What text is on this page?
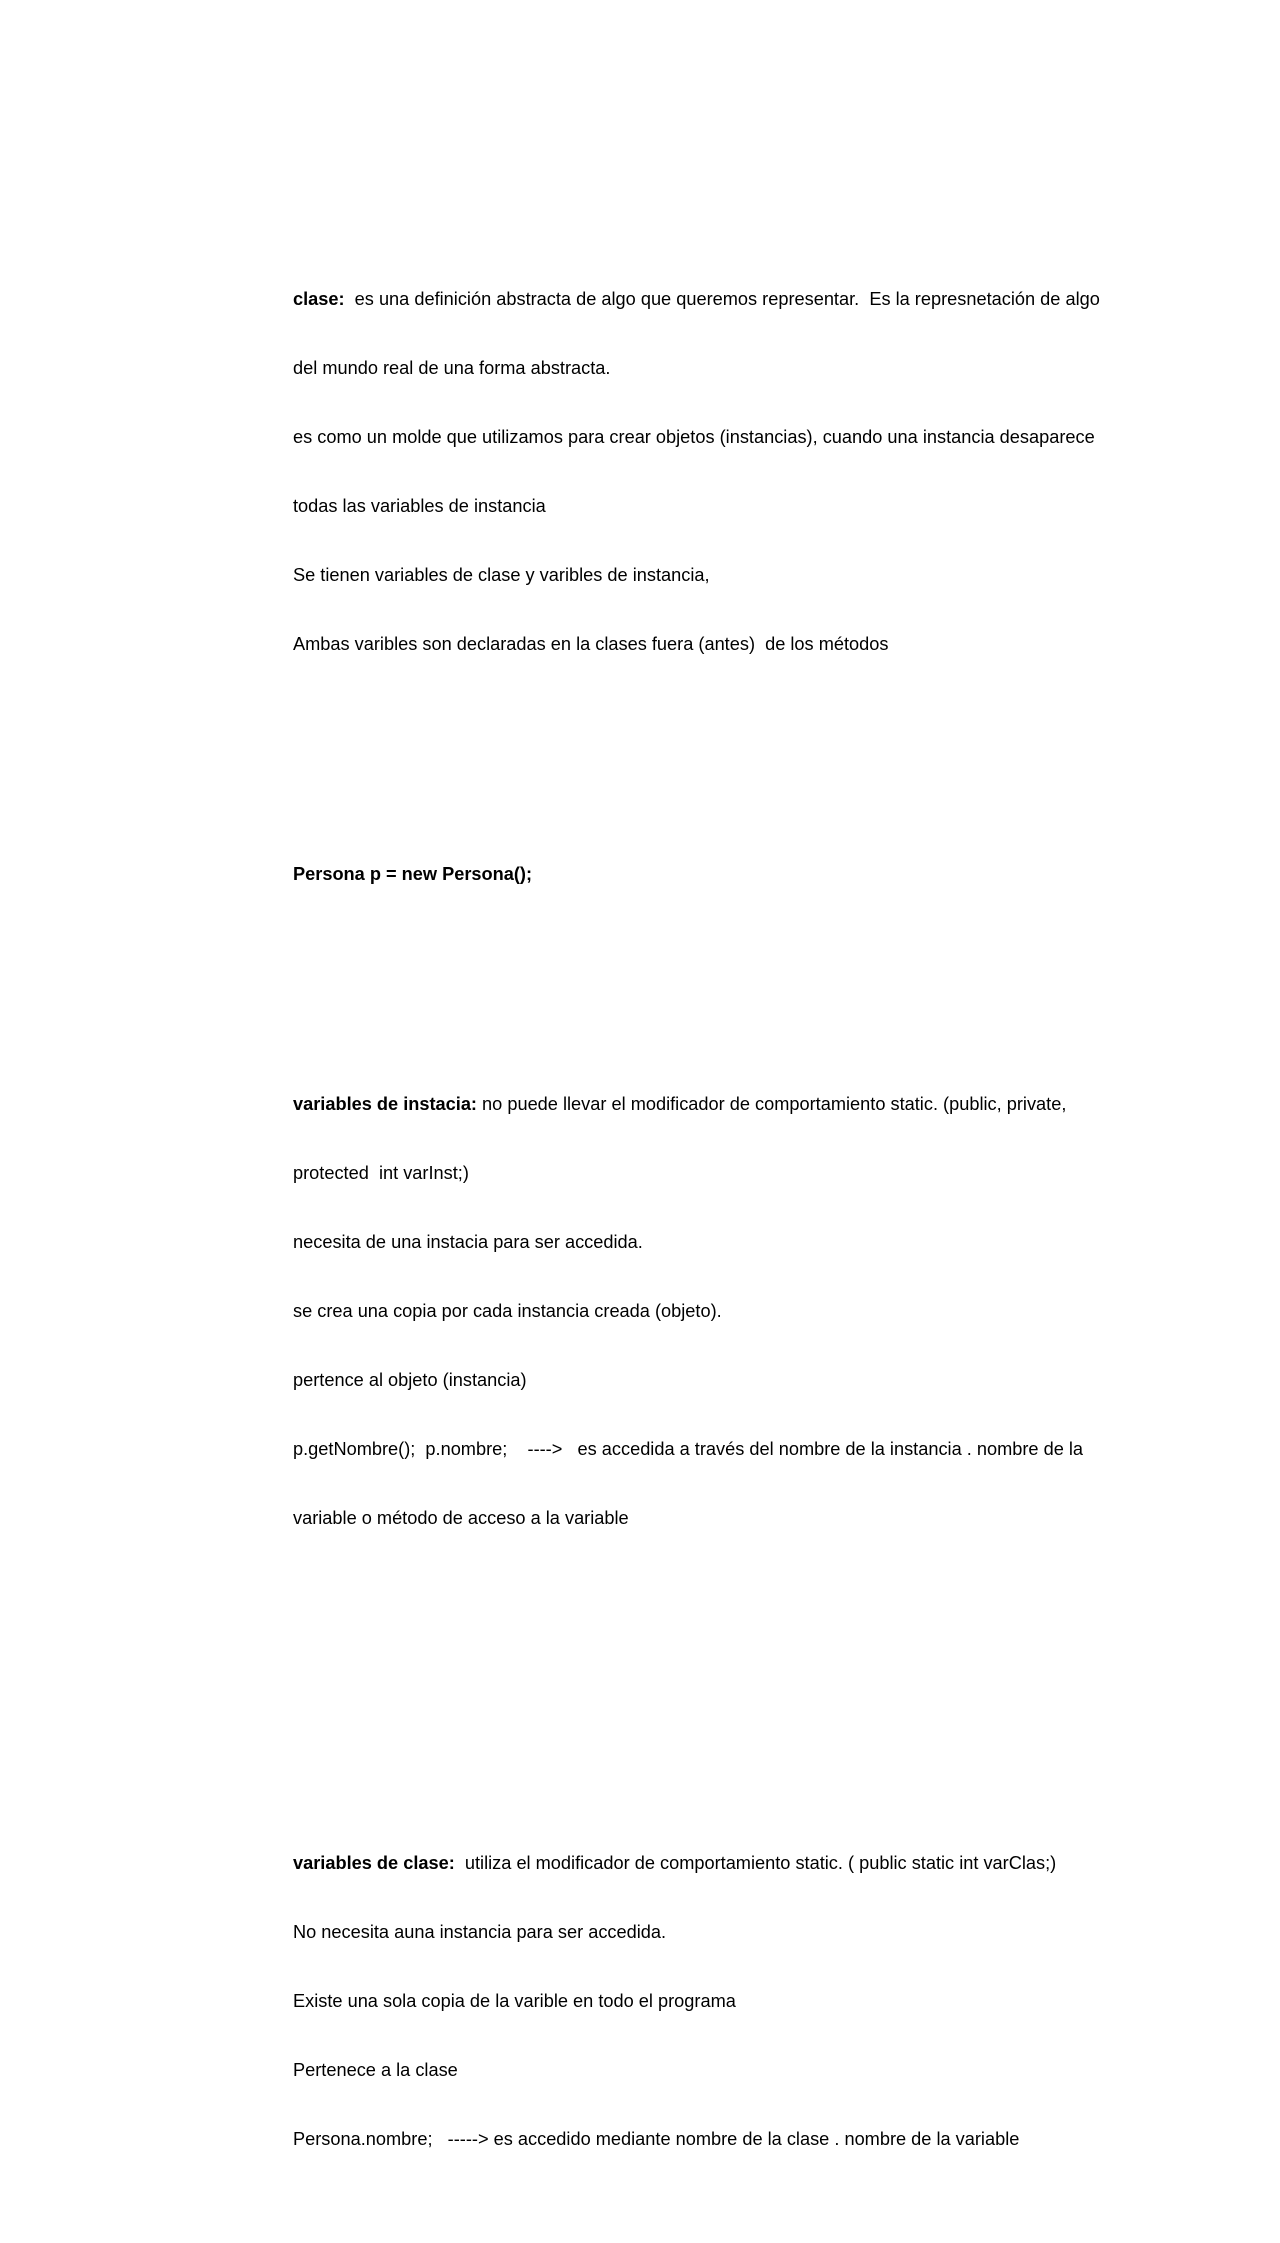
clase:  es una definición abstracta de algo que queremos representar.  Es la represnetación de algo

del mundo real de una forma abstracta.

es como un molde que utilizamos para crear objetos (instancias), cuando una instancia desaparece

todas las variables de instancia

Se tienen variables de clase y varibles de instancia,

Ambas varibles son declaradas en la clases fuera (antes)  de los métodos

Persona p = new Persona();

variables de instacia: no puede llevar el modificador de comportamiento static. (public, private,

protected  int varInst;)

necesita de una instacia para ser accedida.

se crea una copia por cada instancia creada (objeto).

pertence al objeto (instancia)

p.getNombre();  p.nombre;    ---->   es accedida a través del nombre de la instancia . nombre de la

variable o método de acceso a la variable

variables de clase:  utiliza el modificador de comportamiento static. ( public static int varClas;)

No necesita auna instancia para ser accedida.

Existe una sola copia de la varible en todo el programa

Pertenece a la clase

Persona.nombre;   -----> es accedido mediante nombre de la clase . nombre de la variable
